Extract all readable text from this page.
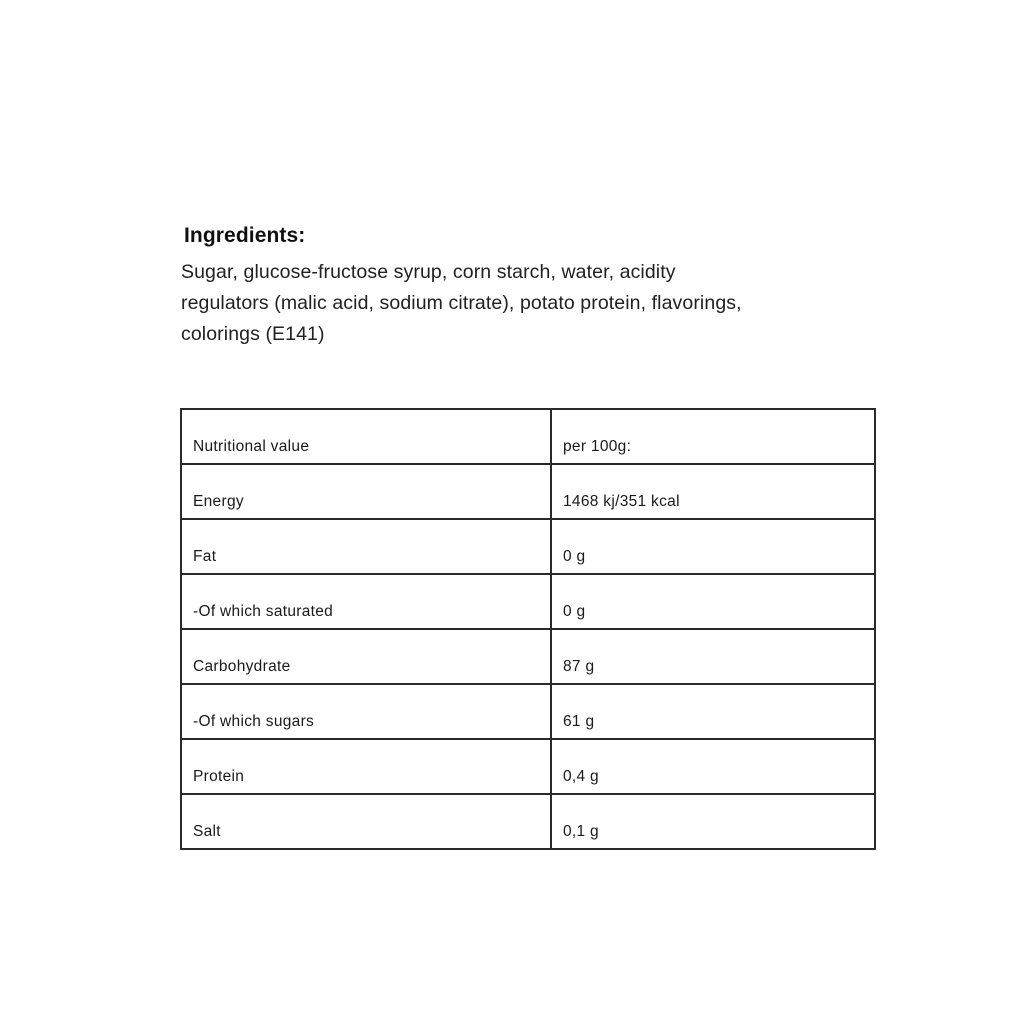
Ingredients:
Sugar, glucose-fructose syrup, corn starch, water, acidity
regulators (malic acid, sodium citrate), potato protein, flavorings,
colorings (E141)
Nutritional value	per 100g:
Energy	1468 kj/351 kcal
Fat	0 g
-Of which saturated	0 g
Carbohydrate	87 g
-Of which sugars	61 g
Protein	0,4 g
Salt	0,1 g
